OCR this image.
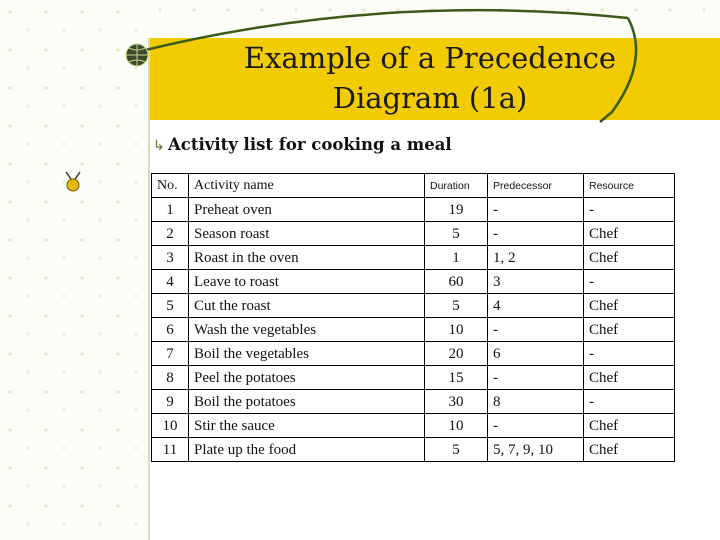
Example of a Precedence
Diagram (1a)
↳ Activity list for cooking a meal
No.	Activity name	Duration	Predecessor	Resource
1	Preheat oven	19	-	-
2	Season roast	5	-	Chef
3	Roast in the oven	1	1, 2	Chef
4	Leave to roast	60	3	-
5	Cut the roast	5	4	Chef
6	Wash the vegetables	10	-	Chef
7	Boil the vegetables	20	6	-
8	Peel the potatoes	15	-	Chef
9	Boil the potatoes	30	8	-
10	Stir the sauce	10	-	Chef
11	Plate up the food	5	5, 7, 9, 10	Chef
